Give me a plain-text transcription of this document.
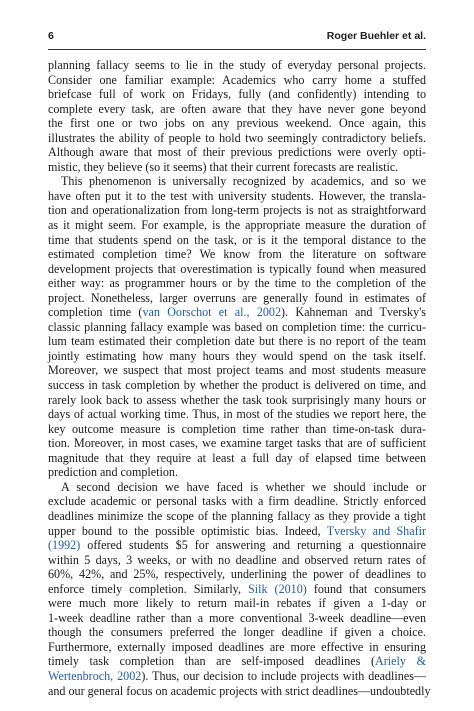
6	Roger Buehler et al.
planning fallacy seems to lie in the study of everyday personal projects.
Consider one familiar example: Academics who carry home a stuffed
briefcase full of work on Fridays, fully (and confidently) intending to
complete every task, are often aware that they have never gone beyond
the first one or two jobs on any previous weekend. Once again, this
illustrates the ability of people to hold two seemingly contradictory beliefs.
Although aware that most of their previous predictions were overly opti-
mistic, they believe (so it seems) that their current forecasts are realistic.
This phenomenon is universally recognized by academics, and so we
have often put it to the test with university students. However, the transla-
tion and operationalization from long-term projects is not as straightforward
as it might seem. For example, is the appropriate measure the duration of
time that students spend on the task, or is it the temporal distance to the
estimated completion time? We know from the literature on software
development projects that overestimation is typically found when measured
either way: as programmer hours or by the time to the completion of the
project. Nonetheless, larger overruns are generally found in estimates of
completion time (van Oorschot et al., 2002). Kahneman and Tversky's
classic planning fallacy example was based on completion time: the curricu-
lum team estimated their completion date but there is no report of the team
jointly estimating how many hours they would spend on the task itself.
Moreover, we suspect that most project teams and most students measure
success in task completion by whether the product is delivered on time, and
rarely look back to assess whether the task took surprisingly many hours or
days of actual working time. Thus, in most of the studies we report here, the
key outcome measure is completion time rather than time-on-task dura-
tion. Moreover, in most cases, we examine target tasks that are of sufficient
magnitude that they require at least a full day of elapsed time between
prediction and completion.
A second decision we have faced is whether we should include or
exclude academic or personal tasks with a firm deadline. Strictly enforced
deadlines minimize the scope of the planning fallacy as they provide a tight
upper bound to the possible optimistic bias. Indeed, Tversky and Shafir
(1992) offered students $5 for answering and returning a questionnaire
within 5 days, 3 weeks, or with no deadline and observed return rates of
60%, 42%, and 25%, respectively, underlining the power of deadlines to
enforce timely completion. Similarly, Silk (2010) found that consumers
were much more likely to return mail-in rebates if given a 1-day or
1-week deadline rather than a more conventional 3-week deadline—even
though the consumers preferred the longer deadline if given a choice.
Furthermore, externally imposed deadlines are more effective in ensuring
timely task completion than are self-imposed deadlines (Ariely &
Wertenbroch, 2002). Thus, our decision to include projects with deadlines—
and our general focus on academic projects with strict deadlines—undoubtedly
